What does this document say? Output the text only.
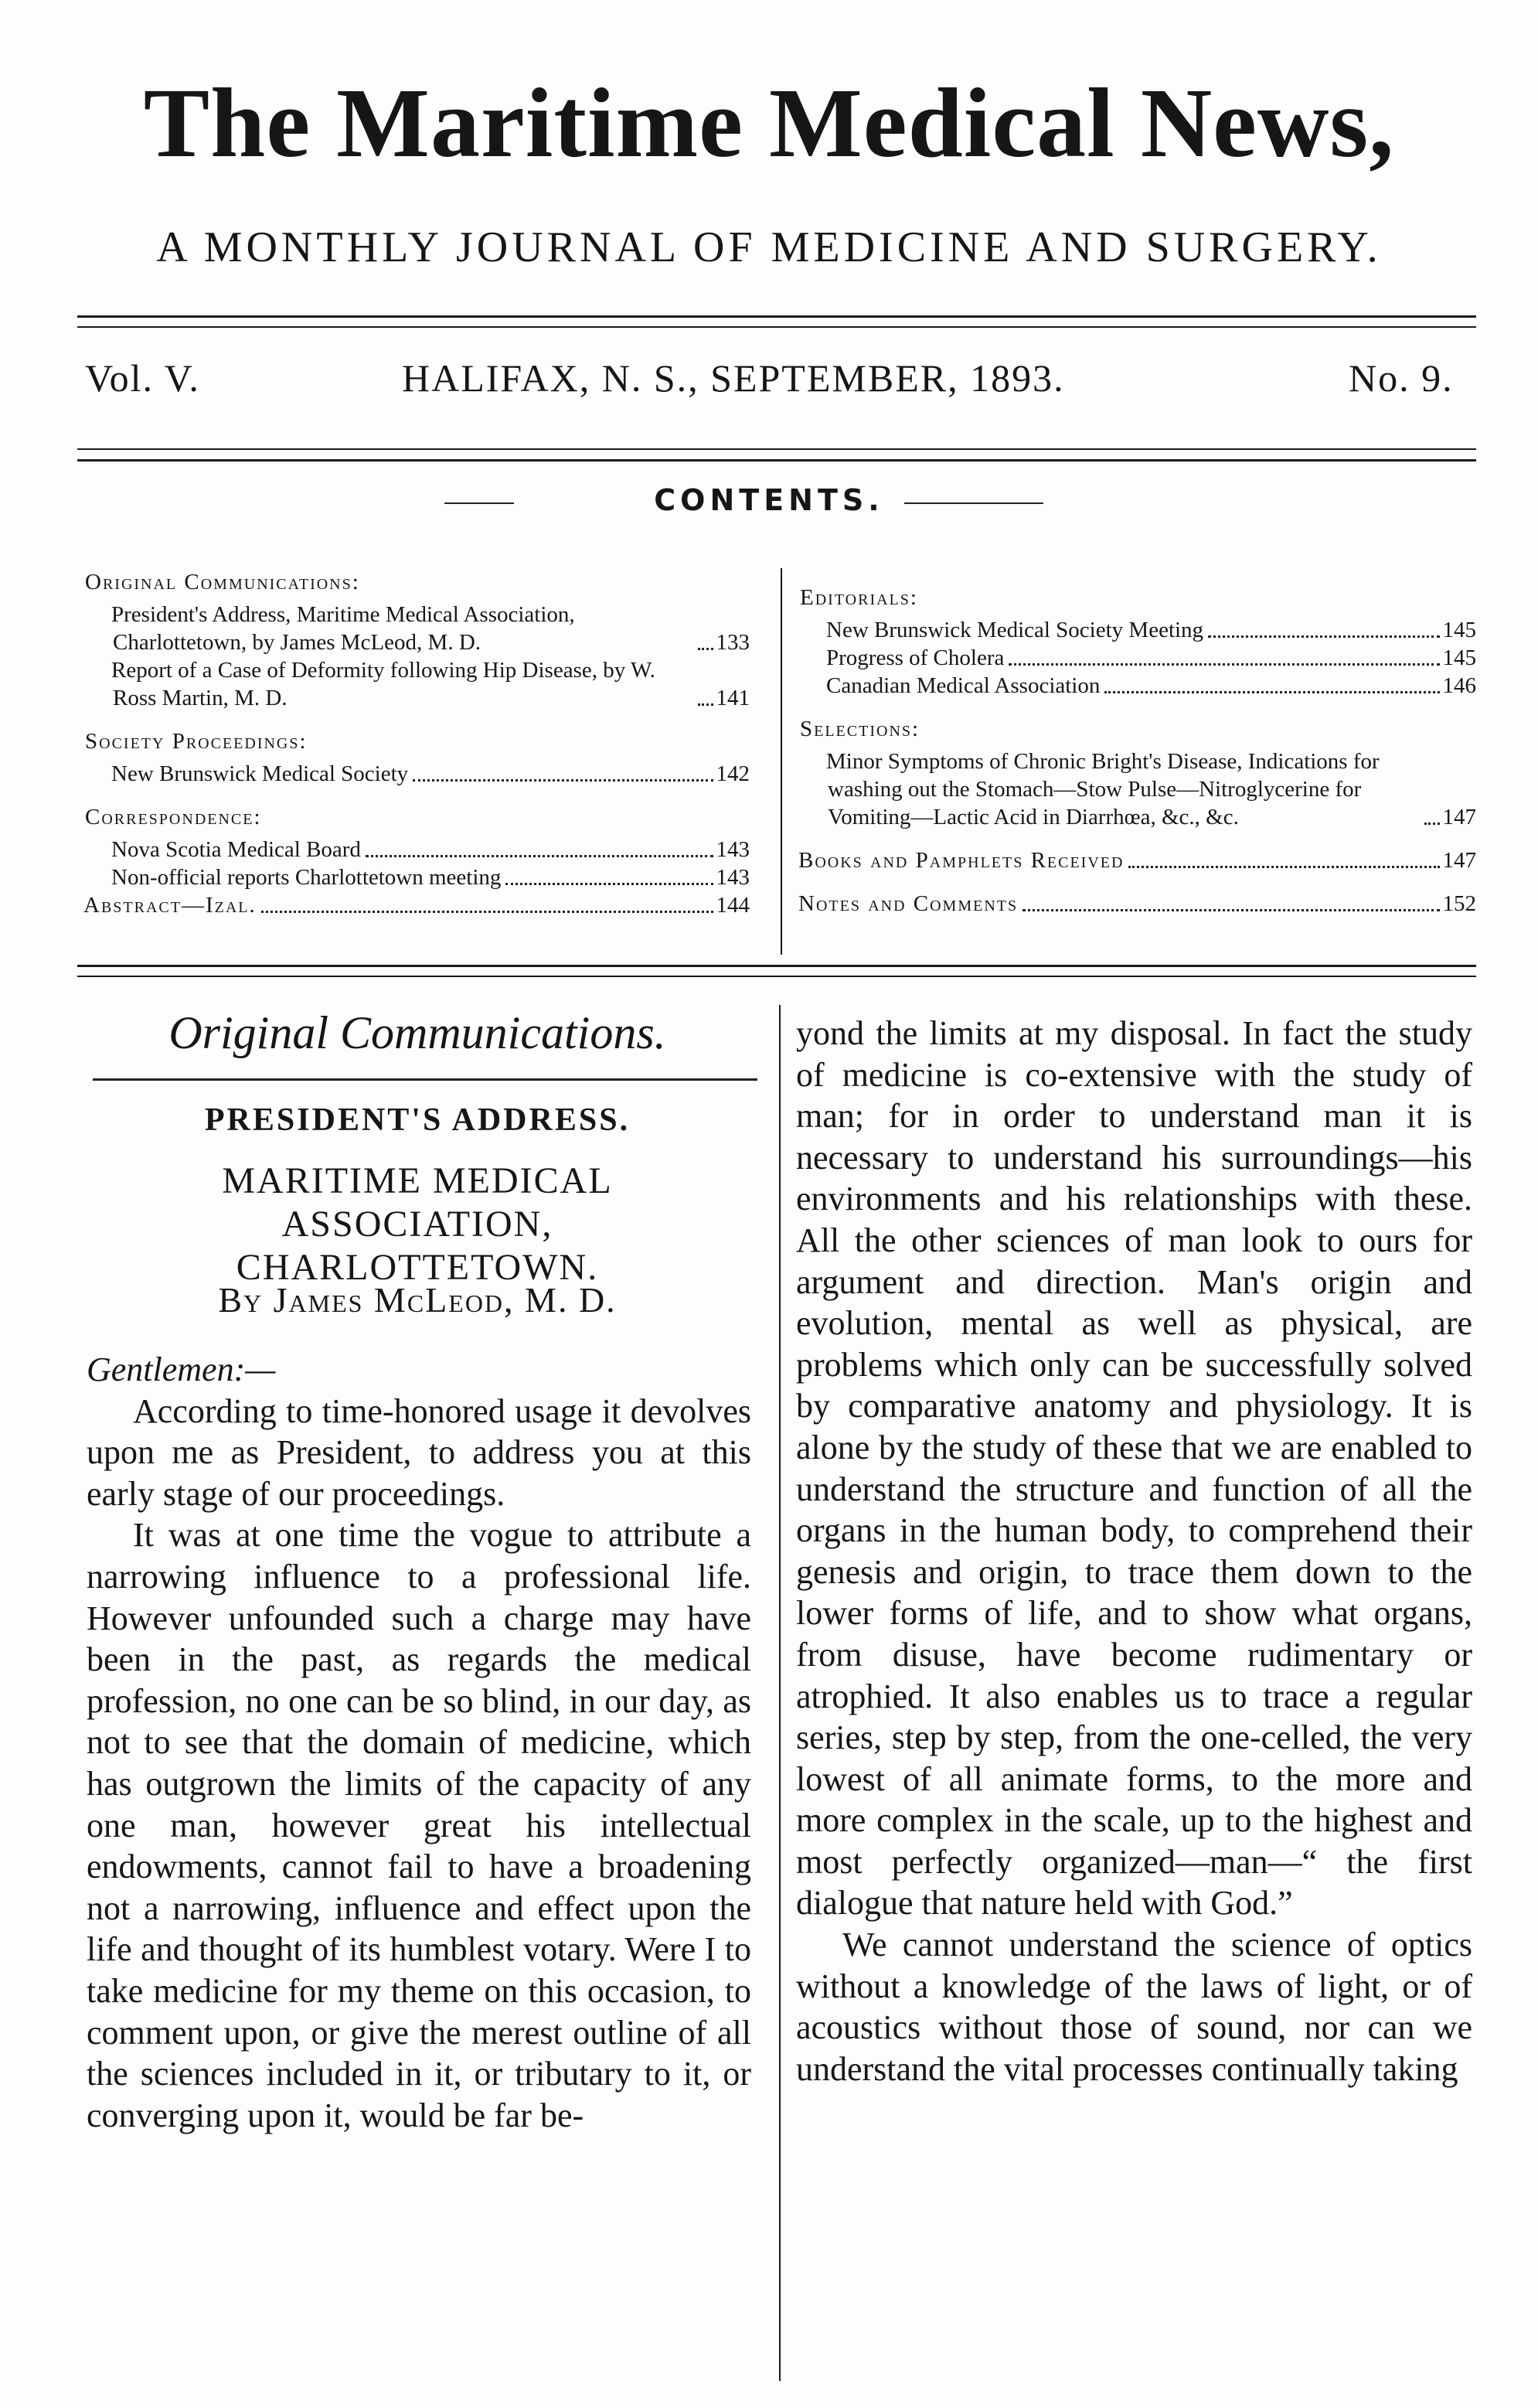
The Maritime Medical News,
A MONTHLY JOURNAL OF MEDICINE AND SURGERY.
Vol. V.	HALIFAX, N. S., SEPTEMBER, 1893.	No. 9.
CONTENTS.
Original Communications:
President's Address, Maritime Medical Association, Charlottetown, by James McLeod, M. D.	133
Report of a Case of Deformity following Hip Disease, by W. Ross Martin, M. D.	141
Society Proceedings:
New Brunswick Medical Society	142
Correspondence:
Nova Scotia Medical Board	143
Non-official reports Charlottetown meeting	143
Abstract—Izal.	144
Editorials:
New Brunswick Medical Society Meeting	145
Progress of Cholera	145
Canadian Medical Association	146
Selections:
Minor Symptoms of Chronic Bright's Disease, Indications for washing out the Stomach—Stow Pulse—Nitroglycerine for Vomiting—Lactic Acid in Diarrhœa, &c., &c.	147
Books and Pamphlets Received	147
Notes and Comments	152
Original Communications.
PRESIDENT'S ADDRESS.
MARITIME MEDICAL ASSOCIATION, CHARLOTTETOWN.
By James McLeod, M. D.

Gentlemen:—

According to time-honored usage it devolves upon me as President, to address you at this early stage of our proceedings.

It was at one time the vogue to attribute a narrowing influence to a professional life. However unfounded such a charge may have been in the past, as regards the medical profession, no one can be so blind, in our day, as not to see that the domain of medicine, which has outgrown the limits of the capacity of any one man, however great his intellectual endowments, cannot fail to have a broadening not a narrowing, influence and effect upon the life and thought of its humblest votary. Were I to take medicine for my theme on this occasion, to comment upon, or give the merest outline of all the sciences included in it, or tributary to it, or converging upon it, would be far be-

yond the limits at my disposal. In fact the study of medicine is co-extensive with the study of man; for in order to understand man it is necessary to understand his surroundings—his environments and his relationships with these. All the other sciences of man look to ours for argument and direction. Man's origin and evolution, mental as well as physical, are problems which only can be successfully solved by comparative anatomy and physiology. It is alone by the study of these that we are enabled to understand the structure and function of all the organs in the human body, to comprehend their genesis and origin, to trace them down to the lower forms of life, and to show what organs, from disuse, have become rudimentary or atrophied. It also enables us to trace a regular series, step by step, from the one-celled, the very lowest of all animate forms, to the more and more complex in the scale, up to the highest and most perfectly organized—man—“ the first dialogue that nature held with God.”

We cannot understand the science of optics without a knowledge of the laws of light, or of acoustics without those of sound, nor can we understand the vital processes continually taking
